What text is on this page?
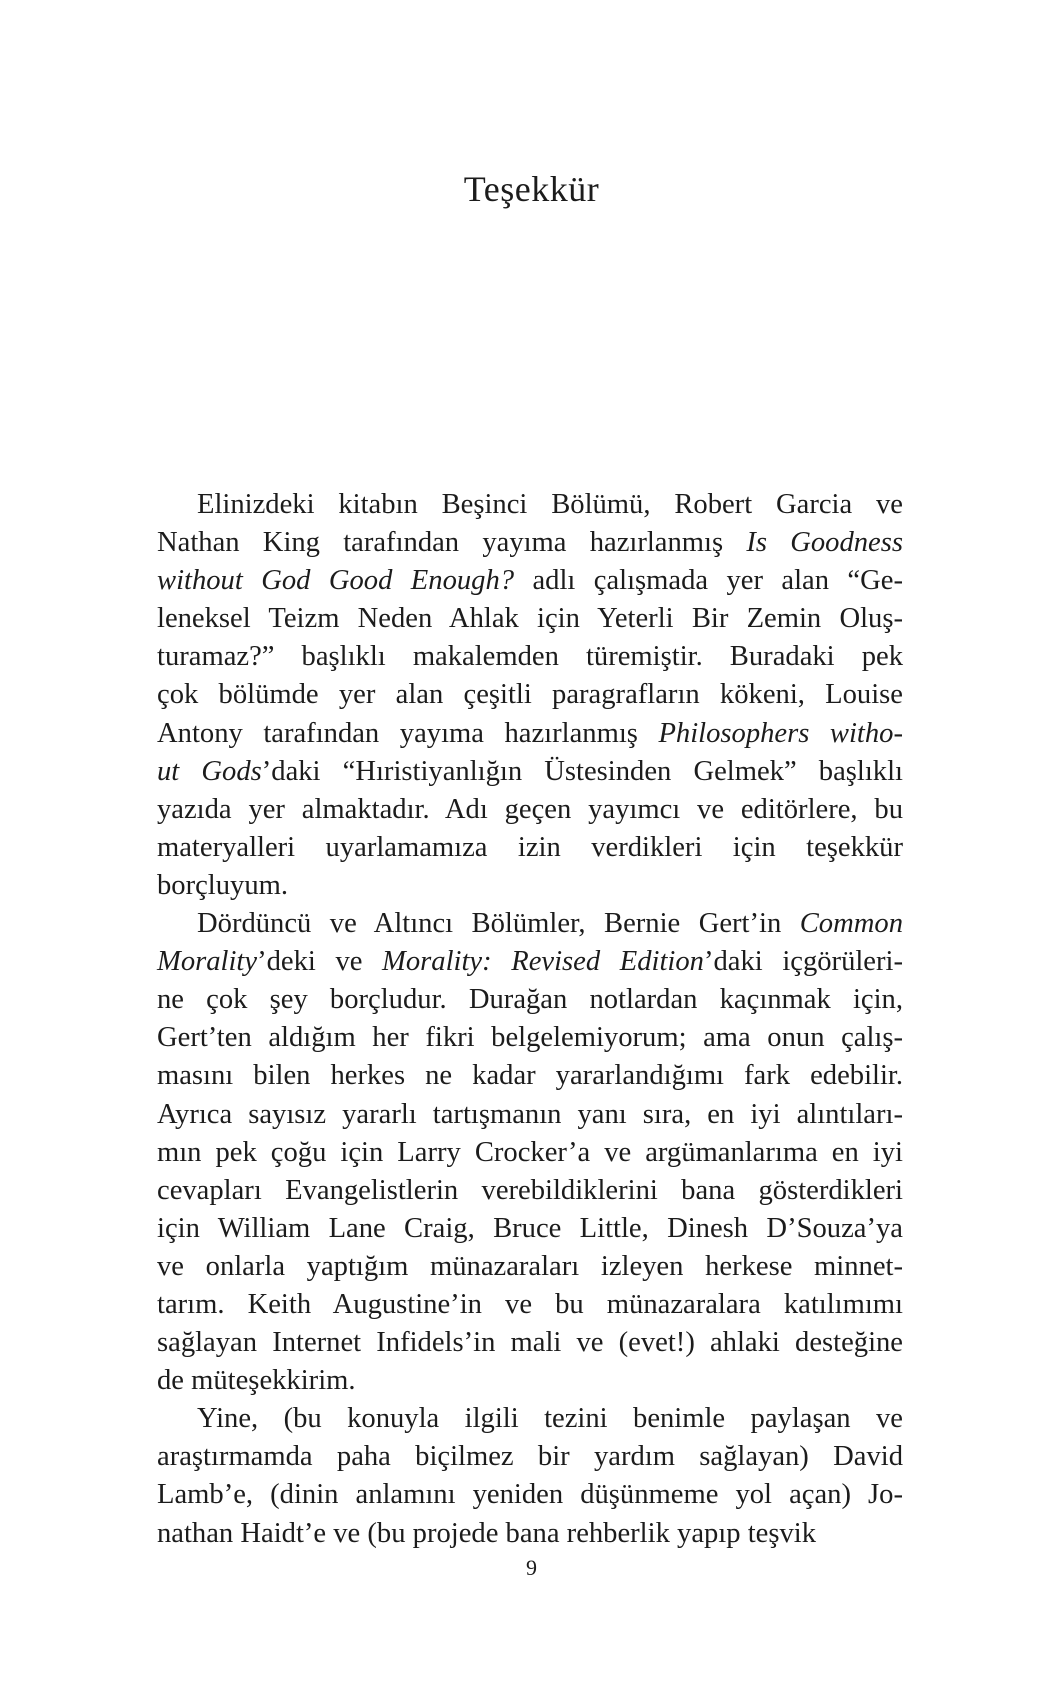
Teşekkür
Elinizdeki kitabın Beşinci Bölümü, Robert Garcia ve
Nathan King tarafından yayıma hazırlanmış Is Goodness
without God Good Enough? adlı çalışmada yer alan “Ge-
leneksel Teizm Neden Ahlak için Yeterli Bir Zemin Oluş-
turamaz?” başlıklı makalemden türemiştir. Buradaki pek
çok bölümde yer alan çeşitli paragrafların kökeni, Louise
Antony tarafından yayıma hazırlanmış Philosophers witho-
ut Gods’daki “Hıristiyanlığın Üstesinden Gelmek” başlıklı
yazıda yer almaktadır. Adı geçen yayımcı ve editörlere, bu
materyalleri uyarlamamıza izin verdikleri için teşekkür
borçluyum.
Dördüncü ve Altıncı Bölümler, Bernie Gert’in Common
Morality’deki ve Morality: Revised Edition’daki içgörüleri-
ne çok şey borçludur. Durağan notlardan kaçınmak için,
Gert’ten aldığım her fikri belgelemiyorum; ama onun çalış-
masını bilen herkes ne kadar yararlandığımı fark edebilir.
Ayrıca sayısız yararlı tartışmanın yanı sıra, en iyi alıntıları-
mın pek çoğu için Larry Crocker’a ve argümanlarıma en iyi
cevapları Evangelistlerin verebildiklerini bana gösterdikleri
için William Lane Craig, Bruce Little, Dinesh D’Souza’ya
ve onlarla yaptığım münazaraları izleyen herkese minnet-
tarım. Keith Augustine’in ve bu münazaralara katılımımı
sağlayan Internet Infidels’in mali ve (evet!) ahlaki desteğine
de müteşekkirim.
Yine, (bu konuyla ilgili tezini benimle paylaşan ve
araştırmamda paha biçilmez bir yardım sağlayan) David
Lamb’e, (dinin anlamını yeniden düşünmeme yol açan) Jo-
nathan Haidt’e ve (bu projede bana rehberlik yapıp teşvik

9
